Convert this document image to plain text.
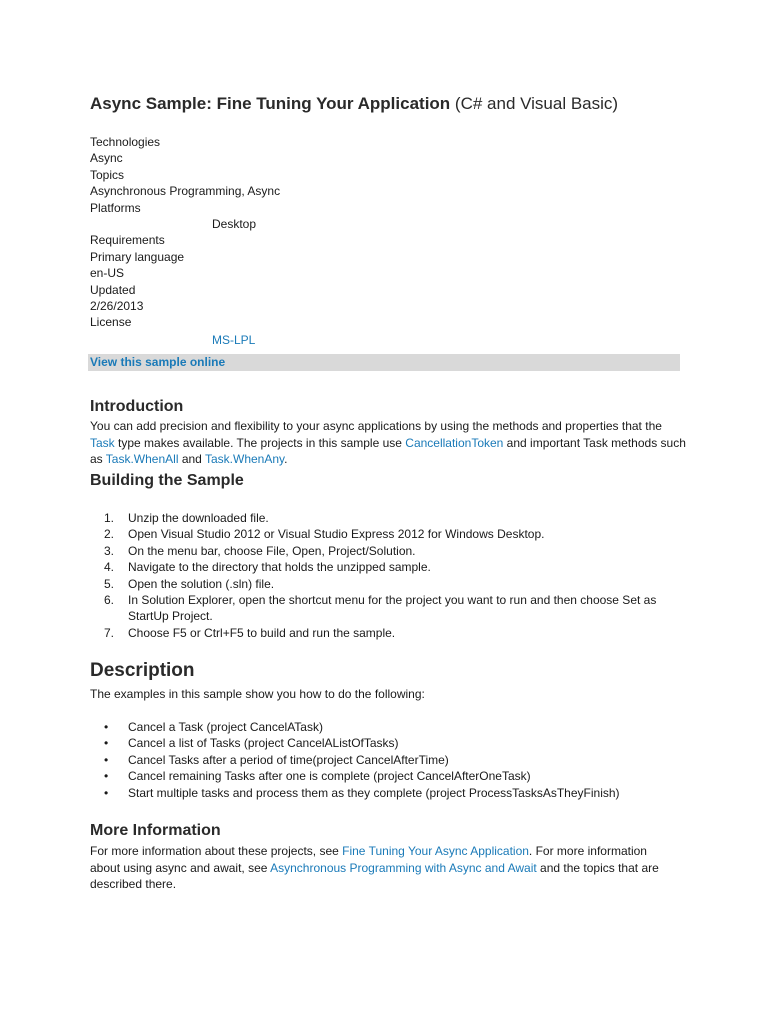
Async Sample: Fine Tuning Your Application (C# and Visual Basic)
Technologies
Async
Topics
Asynchronous Programming, Async
Platforms
Desktop
Requirements
Primary language
en-US
Updated
2/26/2013
License
MS-LPL
View this sample online
Introduction
You can add precision and flexibility to your async applications by using the methods and properties that the
Task type makes available. The projects in this sample use CancellationToken and important Task methods such
as Task.WhenAll and Task.WhenAny.
Building the Sample
1. Unzip the downloaded file.
2. Open Visual Studio 2012 or Visual Studio Express 2012 for Windows Desktop.
3. On the menu bar, choose File, Open, Project/Solution.
4. Navigate to the directory that holds the unzipped sample.
5. Open the solution (.sln) file.
6. In Solution Explorer, open the shortcut menu for the project you want to run and then choose Set as StartUp Project.
7. Choose F5 or Ctrl+F5 to build and run the sample.
Description
The examples in this sample show you how to do the following:
• Cancel a Task (project CancelATask)
• Cancel a list of Tasks (project CancelAListOfTasks)
• Cancel Tasks after a period of time(project CancelAfterTime)
• Cancel remaining Tasks after one is complete (project CancelAfterOneTask)
• Start multiple tasks and process them as they complete (project ProcessTasksAsTheyFinish)
More Information
For more information about these projects, see Fine Tuning Your Async Application. For more information about using async and await, see Asynchronous Programming with Async and Await and the topics that are described there.
